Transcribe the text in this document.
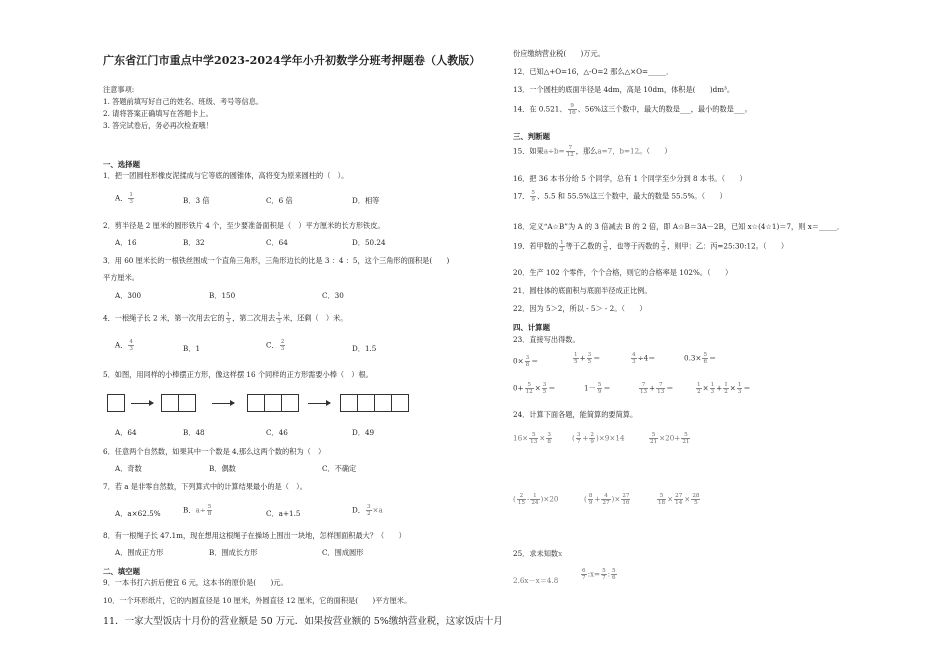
广东省江门市重点中学2023-2024学年小升初数学分班考押题卷（人教版）
注意事项:
1. 答题前填写好自己的姓名、班级、考号等信息。
2. 请将答案正确填写在答题卡上。
3. 答完试卷后，务必再次检查哦！
一、选择题
1．把一团圆柱形橡皮泥揉成与它等底的圆锥体，高将变为原来圆柱的（　）。
A． $\frac{1}{3}$	B．3 倍	C．6 倍	D．相等
2．剪半径是 2 厘米的圆形铁片 4 个，至少要准备面积是（　）平方厘米的长方形铁皮。
A．16	B．32	C．64	D．50.24
3．用 60 厘米长的一根铁丝围成一个直角三角形，三角形边长的比是 3 ：4 ：5，这个三角形的面积是(　　)
平方厘米。
A．300	B．150	C．30
4．一根绳子长 2 米，第一次用去它的 $\frac{1}{3}$ ，第二次用去 $\frac{1}{3}$ 米，还剩（　）米。
A． $\frac{4}{3}$	B．1	C． $\frac{2}{3}$	D．1.5
5．如图，用同样的小棒摆正方形，像这样摆 16 个同样的正方形需要小棒（　）根。
A．64	B．48	C．46	D．49
6．任意两个自然数，如果其中一个数是 4,那么这两个数的积为（　）
A．奇数	B．偶数	C．不确定
7．若 a 是非零自然数，下列算式中的计算结果最小的是（　）。
A．a×62.5%	B．$a\div \frac{5}{8}$	C．a+1.5	D． $\frac{3}{2} \times a$
8．有一根绳子长 47.1m，现在想用这根绳子在操场上围出一块地，怎样围面积最大？（　　）
A．围成正方形	B．围成长方形	C．围成圆形
二、填空题
9．一本书打六折后便宜 6 元，这本书的原价是(　　)元。
10．一个环形纸片，它的内圆直径是 10 厘米，外圆直径 12 厘米，它的面积是(　　)平方厘米。
11．一家大型饭店十月份的营业额是 50 万元．如果按营业额的 5%缴纳营业税，这家饭店十月
份应缴纳营业税(　　)万元。
12．已知△+O=16，△-O=2 那么△×O=_____．
13．一个圆柱的底面半径是 4dm，高是 10dm，体积是(　　)dm³。
14．在 0.521、 $\frac{9}{16}$ 、56%这三个数中，最大的数是___，最小的数是___。
三、判断题
15．如果$a\div b= \frac{7}{12}$ ，那么a=7，b=12。（　　）
16．把 36 本书分给 5 个同学，总有 1 个同学至少分到 8 本书。（　　）
17． $\frac{5}{9}$ 、5.5 和 55.5%这三个数中，最大的数是 55.5%。（　　）
18．定义“A☆B”为 A 的 3 倍减去 B 的 2 倍，即 A☆B＝3A－2B，已知 x☆(4☆1)＝7，则 x＝_____．
19．若甲数的 $\frac{1}{2}$ 等于乙数的 $\frac{3}{5}$ ，也等于丙数的 $\frac{2}{3}$ ，则甲：乙：丙=25:30:12。（　　）
20．生产 102 个零件，个个合格，则它的合格率是 102%。（　　）
21．圆柱体的底面积与底面半径成正比例。
22．因为 5＞2，所以 - 5＞ - 2。（　　）
四、计算题
23．直接写出得数。
$0\times \frac{3}{8}$ ＝	$\frac{1}{5} + \frac{3}{5}$ ＝	$\frac{4}{3} \div 4=$	$0.3\times \frac{5}{6}$ ＝
$0+ \frac{5}{12} \times \frac{3}{5}$ ＝	$1- \frac{5}{9}$ ＝	$\frac{7}{13} + \frac{7}{13}$ ＝	$\frac{1}{2} \times \frac{1}{3} + \frac{1}{2} \times \frac{1}{3}$ ＝
24．计算下面各题，能简算的要简算。
$16\times \frac{5}{13} \times \frac{3}{8}$	( $\frac{3}{7} + \frac{2}{9} )\times 9\times 14$	$\frac{5}{21} \times 20+ \frac{5}{21}$
( $\frac{2}{15} - \frac{1}{24} )\times 20$	( $\frac{8}{9} + \frac{4}{27}$ )× $\frac{27}{16}$	$\frac{5}{18} \times \frac{27}{14} \times \frac{28}{5}$
25．求未知数x
2.6x－x＝4.8	$\frac{6}{7}$ :x= $\frac{5}{7}$ : $\frac{5}{6}$
